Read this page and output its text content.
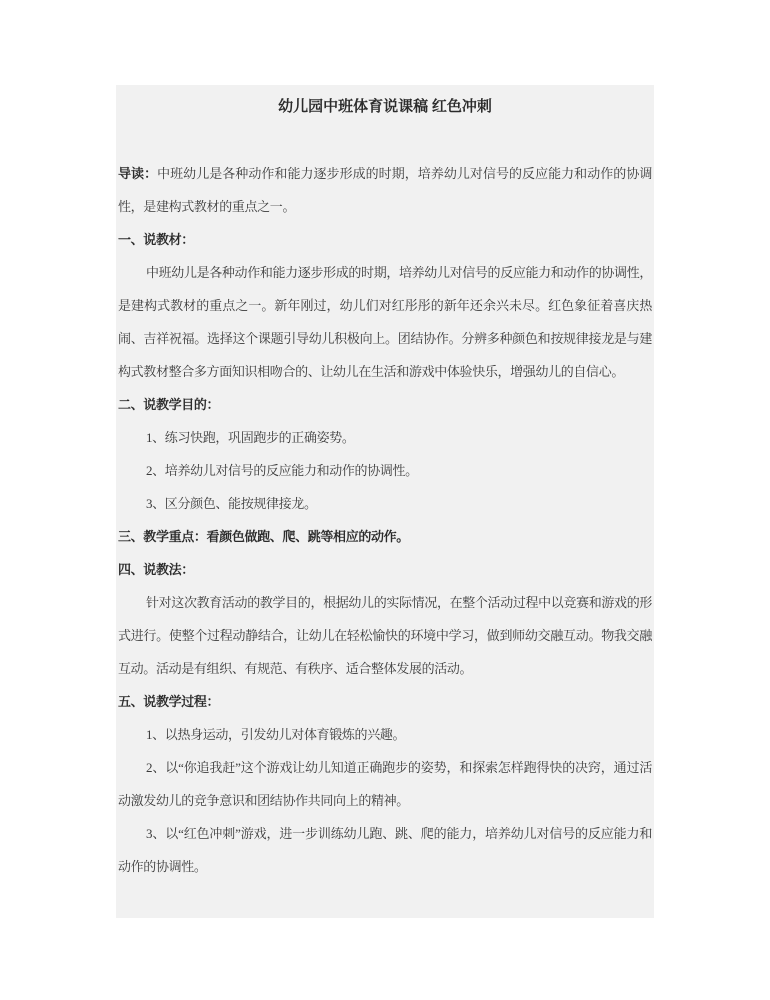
幼儿园中班体育说课稿 红色冲刺
导读：中班幼儿是各种动作和能力逐步形成的时期，培养幼儿对信号的反应能力和动作的协调性，是建构式教材的重点之一。
一、说教材：
中班幼儿是各种动作和能力逐步形成的时期，培养幼儿对信号的反应能力和动作的协调性，是建构式教材的重点之一。新年刚过，幼儿们对红彤彤的新年还余兴未尽。红色象征着喜庆热闹、吉祥祝福。选择这个课题引导幼儿积极向上。团结协作。分辨多种颜色和按规律接龙是与建构式教材整合多方面知识相吻合的、让幼儿在生活和游戏中体验快乐，增强幼儿的自信心。
二、说教学目的：
1、练习快跑，巩固跑步的正确姿势。
2、培养幼儿对信号的反应能力和动作的协调性。
3、区分颜色、能按规律接龙。
三、教学重点：看颜色做跑、爬、跳等相应的动作。
四、说教法：
针对这次教育活动的教学目的，根据幼儿的实际情况，在整个活动过程中以竞赛和游戏的形式进行。使整个过程动静结合，让幼儿在轻松愉快的环境中学习，做到师幼交融互动。物我交融互动。活动是有组织、有规范、有秩序、适合整体发展的活动。
五、说教学过程：
1、以热身运动，引发幼儿对体育锻炼的兴趣。
2、以“你追我赶”这个游戏让幼儿知道正确跑步的姿势，和探索怎样跑得快的决窍，通过活动激发幼儿的竞争意识和团结协作共同向上的精神。
3、以“红色冲刺”游戏，进一步训练幼儿跑、跳、爬的能力，培养幼儿对信号的反应能力和动作的协调性。
